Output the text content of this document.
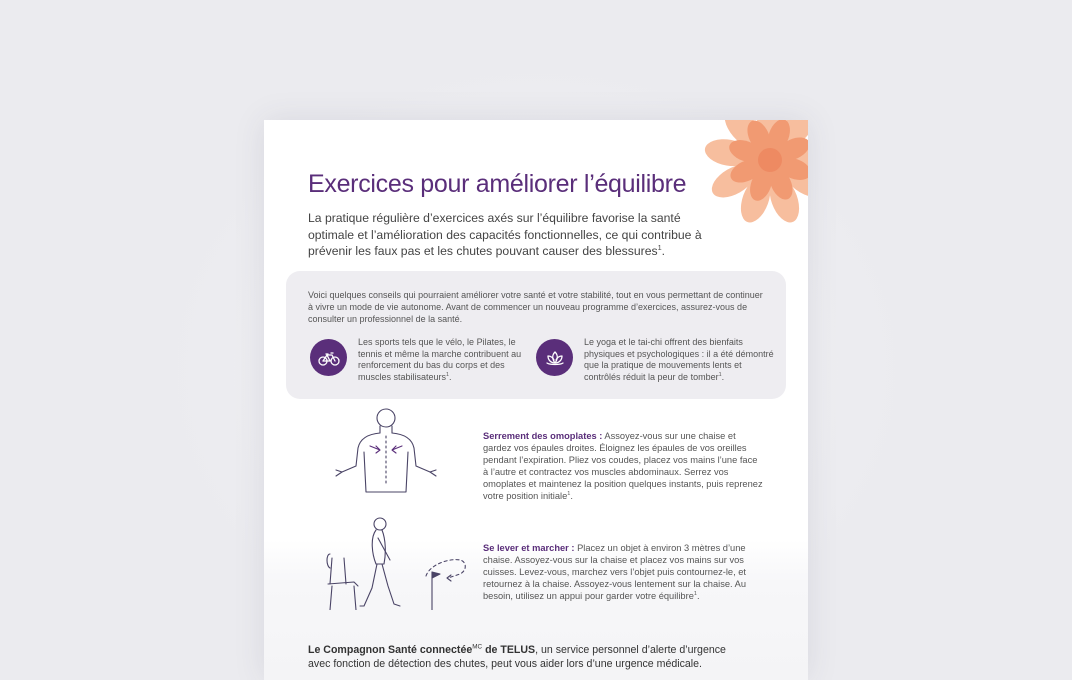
Exercices pour améliorer l’équilibre
La pratique régulière d’exercices axés sur l’équilibre favorise la santé optimale et l’amélioration des capacités fonctionnelles, ce qui contribue à prévenir les faux pas et les chutes pouvant causer des blessures$^1$.
Voici quelques conseils qui pourraient améliorer votre santé et votre stabilité, tout en vous permettant de continuer à vivre un mode de vie autonome. Avant de commencer un nouveau programme d’exercices, assurez-vous de consulter un professionnel de la santé.
Les sports tels que le vélo, le Pilates, le tennis et même la marche contribuent au renforcement du bas du corps et des muscles stabilisateurs$^1$.
Le yoga et le tai-chi offrent des bienfaits physiques et psychologiques : il a été démontré que la pratique de mouvements lents et contrôlés réduit la peur de tomber$^1$.
Serrement des omoplates : Assoyez-vous sur une chaise et gardez vos épaules droites. Éloignez les épaules de vos oreilles pendant l’expiration. Pliez vos coudes, placez vos mains l’une face à l’autre et contractez vos muscles abdominaux. Serrez vos omoplates et maintenez la position quelques instants, puis reprenez votre position initiale$^1$.
Se lever et marcher : Placez un objet à environ 3 mètres d’une chaise. Assoyez-vous sur la chaise et placez vos mains sur vos cuisses. Levez-vous, marchez vers l’objet puis contournez-le, et retournez à la chaise. Assoyez-vous lentement sur la chaise. Au besoin, utilisez un appui pour garder votre équilibre$^1$.
Le Compagnon Santé connectée$^{MC}$ de TELUS, un service personnel d’alerte d’urgence avec fonction de détection des chutes, peut vous aider lors d’une urgence médicale.
